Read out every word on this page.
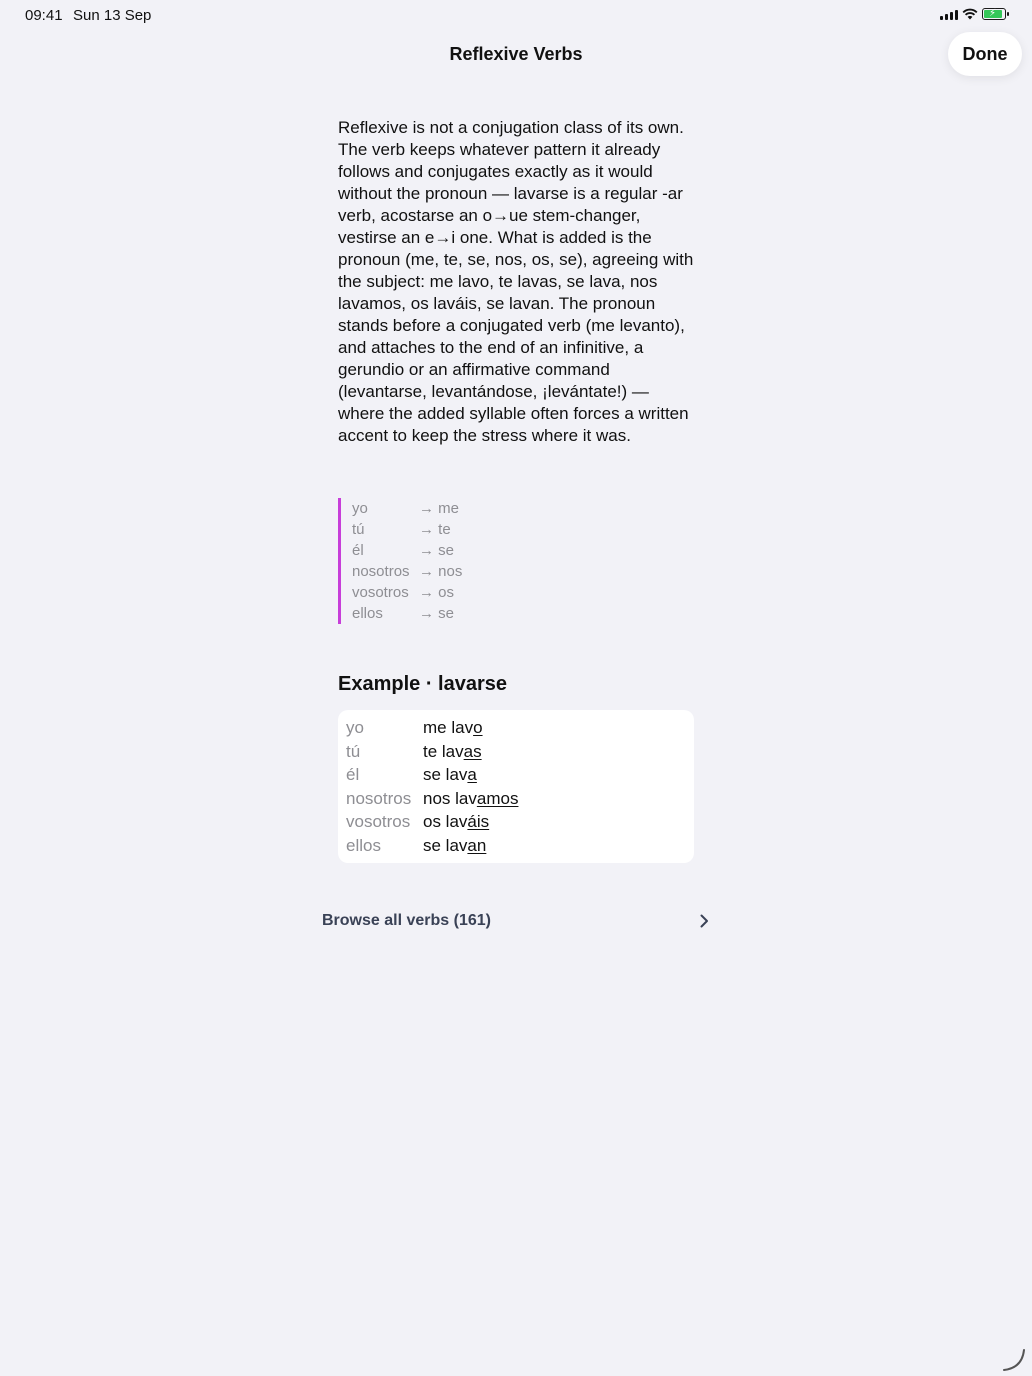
09:41 Sun 13 Sep	⚡
Reflexive Verbs	Done

Reflexive is not a conjugation class of its own. The verb keeps whatever pattern it already follows and conjugates exactly as it would without the pronoun — lavarse is a regular -ar verb, acostarse an o→ue stem-changer, vestirse an e→i one. What is added is the pronoun (me, te, se, nos, os, se), agreeing with the subject: me lavo, te lavas, se lava, nos lavamos, os laváis, se lavan. The pronoun stands before a conjugated verb (me levanto), and attaches to the end of an infinitive, a gerundio or an affirmative command (levantarse, levantándose, ¡levántate!) — where the added syllable often forces a written accent to keep the stress where it was.

yo	→ me
tú	→ te
él	→ se
nosotros → nos
vosotros → os
ellos	→ se
Example · lavarse
yo	me lavo
tú	te lavas
él	se lava
nosotros nos lavamos
vosotros os laváis
ellos	se lavan
Browse all verbs (161)
